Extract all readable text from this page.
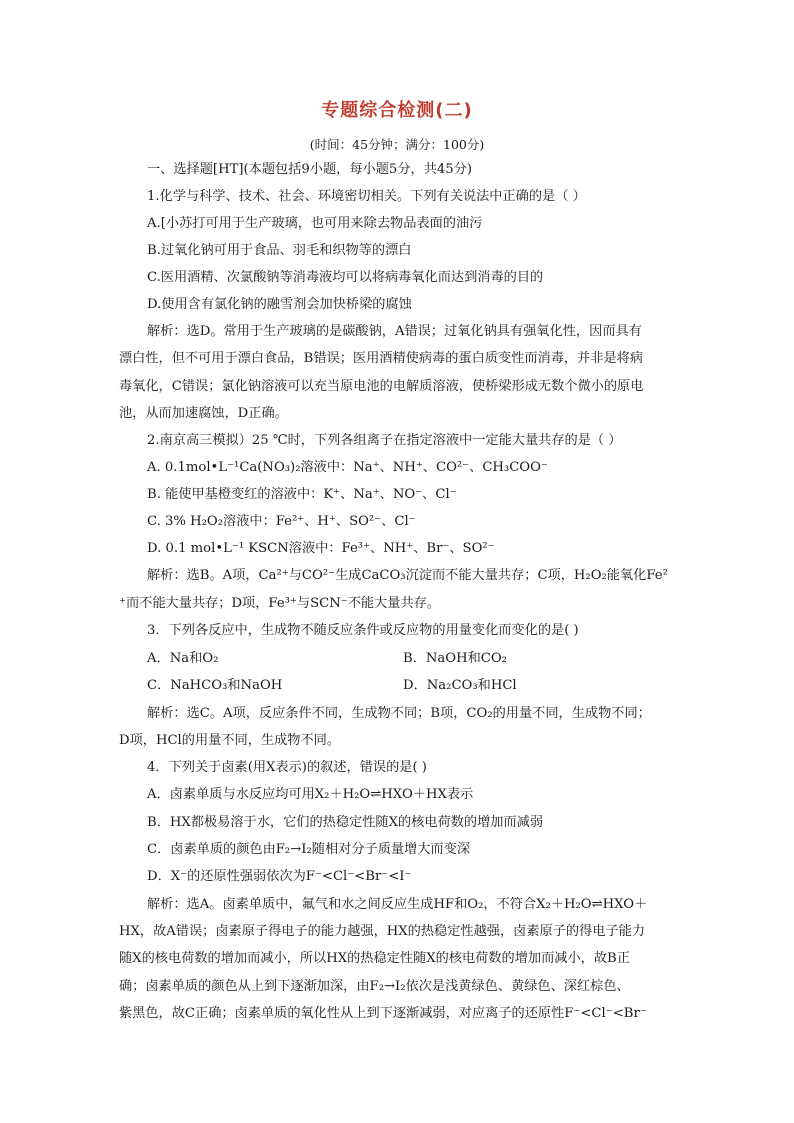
专题综合检测(二)
(时间：45分钟；满分：100分)
一、选择题[HT](本题包括9小题，每小题5分，共45分)
1.化学与科学、技术、社会、环境密切相关。下列有关说法中正确的是（ ）
A.[小苏打可用于生产玻璃，也可用来除去物品表面的油污
B.过氧化钠可用于食品、羽毛和织物等的漂白
C.医用酒精、次氯酸钠等消毒液均可以将病毒氧化而达到消毒的目的
D.使用含有氯化钠的融雪剂会加快桥梁的腐蚀
解析：选D。常用于生产玻璃的是碳酸钠，A错误；过氧化钠具有强氧化性，因而具有
漂白性，但不可用于漂白食品，B错误；医用酒精使病毒的蛋白质变性而消毒，并非是将病
毒氧化，C错误；氯化钠溶液可以充当原电池的电解质溶液，使桥梁形成无数个微小的原电
池，从而加速腐蚀，D正确。
2.南京高三模拟）25 ℃时，下列各组离子在指定溶液中一定能大量共存的是（ ）
A. 0.1mol•L⁻¹Ca(NO₃)₂溶液中：Na⁺、NH⁺、CO²⁻、CH₃COO⁻
B. 能使甲基橙变红的溶液中：K⁺、Na⁺、NO⁻、Cl⁻
C. 3% H₂O₂溶液中：Fe²⁺、H⁺、SO²⁻、Cl⁻
D. 0.1 mol•L⁻¹ KSCN溶液中：Fe³⁺、NH⁺、Br⁻、SO²⁻
解析：选B。A项，Ca²⁺与CO²⁻生成CaCO₃沉淀而不能大量共存；C项，H₂O₂能氧化Fe²
⁺而不能大量共存；D项，Fe³⁺与SCN⁻不能大量共存。
3．下列各反应中，生成物不随反应条件或反应物的用量变化而变化的是( )
A．Na和O₂	B．NaOH和CO₂
C．NaHCO₃和NaOH	D．Na₂CO₃和HCl
解析：选C。A项，反应条件不同，生成物不同；B项，CO₂的用量不同，生成物不同；
D项，HCl的用量不同，生成物不同。
4．下列关于卤素(用X表示)的叙述，错误的是( )
A．卤素单质与水反应均可用X₂＋H₂O⇌HXO＋HX表示
B．HX都极易溶于水，它们的热稳定性随X的核电荷数的增加而减弱
C．卤素单质的颜色由F₂→I₂随相对分子质量增大而变深
D．X⁻的还原性强弱依次为F⁻<Cl⁻<Br⁻<I⁻
解析：选A。卤素单质中，氟气和水之间反应生成HF和O₂，不符合X₂＋H₂O⇌HXO＋
HX，故A错误；卤素原子得电子的能力越强，HX的热稳定性越强，卤素原子的得电子能力
随X的核电荷数的增加而减小，所以HX的热稳定性随X的核电荷数的增加而减小，故B正
确；卤素单质的颜色从上到下逐渐加深，由F₂→I₂依次是浅黄绿色、黄绿色、深红棕色、
紫黑色，故C正确；卤素单质的氧化性从上到下逐渐减弱，对应离子的还原性F⁻<Cl⁻<Br⁻
